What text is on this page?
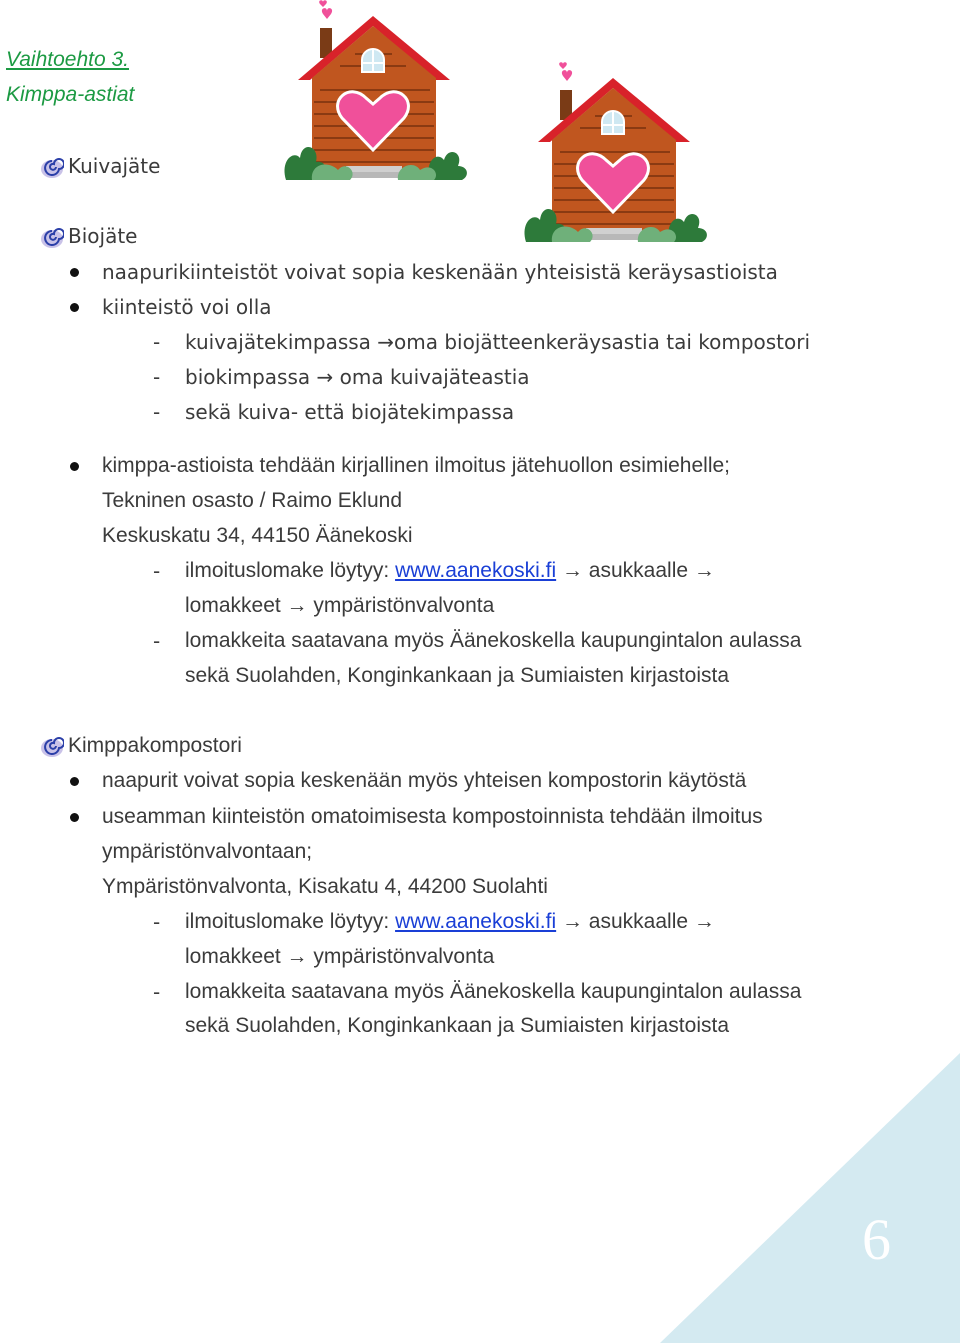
Vaihtoehto 3.

Kimppa-astiat

Kuivajäte
Biojäte
naapurikiinteistöt voivat sopia keskenään yhteisistä keräysastioista
kiinteistö voi olla
- kuivajätekimpassa →oma biojätteenkeräysastia tai kompostori
- biokimpassa → oma kuivajäteastia
- sekä kuiva- että biojätekimpassa
kimppa-astioista tehdään kirjallinen ilmoitus jätehuollon esimiehelle;
Tekninen osasto / Raimo Eklund
Keskuskatu 34, 44150 Äänekoski
- ilmoituslomake löytyy: www.aanekoski.fi → asukkaalle →
lomakkeet → ympäristönvalvonta
- lomakkeita saatavana myös Äänekoskella kaupungintalon aulassa
sekä Suolahden, Konginkankaan ja Sumiaisten kirjastoista
Kimppakompostori
naapurit voivat sopia keskenään myös yhteisen kompostorin käytöstä
useamman kiinteistön omatoimisesta kompostoinnista tehdään ilmoitus
ympäristönvalvontaan;
Ympäristönvalvonta, Kisakatu 4, 44200 Suolahti
- ilmoituslomake löytyy: www.aanekoski.fi → asukkaalle →
lomakkeet → ympäristönvalvonta
- lomakkeita saatavana myös Äänekoskella kaupungintalon aulassa
sekä Suolahden, Konginkankaan ja Sumiaisten kirjastoista
6
